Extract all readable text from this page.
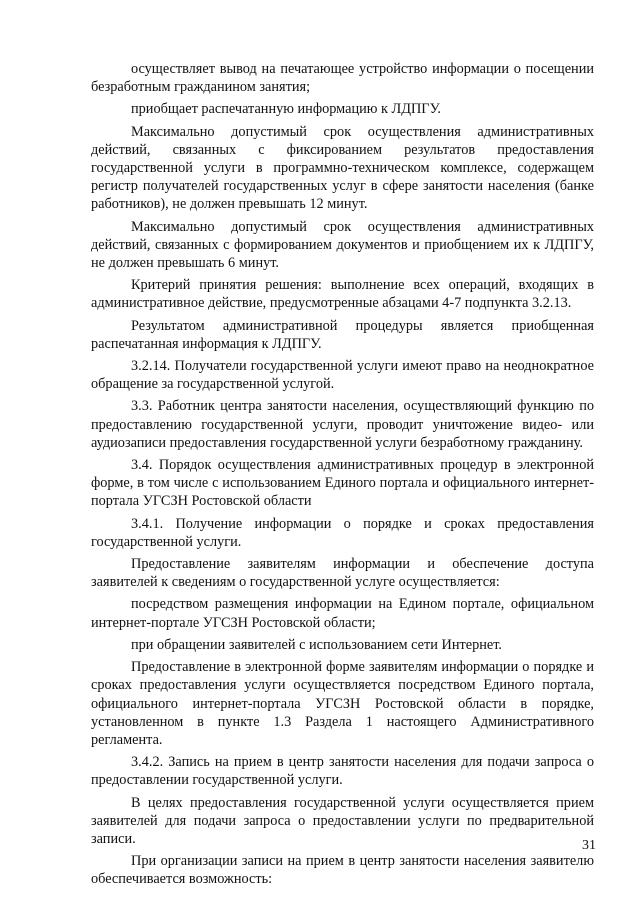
осуществляет вывод на печатающее устройство информации о посещении безработным гражданином занятия;

приобщает распечатанную информацию к ЛДПГУ.

Максимально допустимый срок осуществления административных действий, связанных с фиксированием результатов предоставления государственной услуги в программно-техническом комплексе, содержащем регистр получателей государственных услуг в сфере занятости населения (банке работников), не должен превышать 12 минут.

Максимально допустимый срок осуществления административных действий, связанных с формированием документов и приобщением их к ЛДПГУ, не должен превышать 6 минут.

Критерий принятия решения: выполнение всех операций, входящих в административное действие, предусмотренные абзацами 4-7 подпункта 3.2.13.

Результатом административной процедуры является приобщенная распечатанная информация к ЛДПГУ.

3.2.14. Получатели государственной услуги имеют право на неоднократное обращение за государственной услугой.

3.3. Работник центра занятости населения, осуществляющий функцию по предоставлению государственной услуги, проводит уничтожение видео- или аудиозаписи предоставления государственной услуги безработному гражданину.

3.4. Порядок осуществления административных процедур в электронной форме, в том числе с использованием Единого портала и официального интернет-портала УГСЗН Ростовской области

3.4.1. Получение информации о порядке и сроках предоставления государственной услуги.

Предоставление заявителям информации и обеспечение доступа заявителей к сведениям о государственной услуге осуществляется:

посредством размещения информации на Едином портале, официальном интернет-портале УГСЗН Ростовской области;

при обращении заявителей с использованием сети Интернет.

Предоставление в электронной форме заявителям информации о порядке и сроках предоставления услуги осуществляется посредством Единого портала, официального интернет-портала УГСЗН Ростовской области в порядке, установленном в пункте 1.3 Раздела 1 настоящего Административного регламента.

3.4.2. Запись на прием в центр занятости населения для подачи запроса о предоставлении государственной услуги.

В целях предоставления государственной услуги осуществляется прием заявителей для подачи запроса о предоставлении услуги по предварительной записи.

При организации записи на прием в центр занятости населения заявителю обеспечивается возможность:

31
